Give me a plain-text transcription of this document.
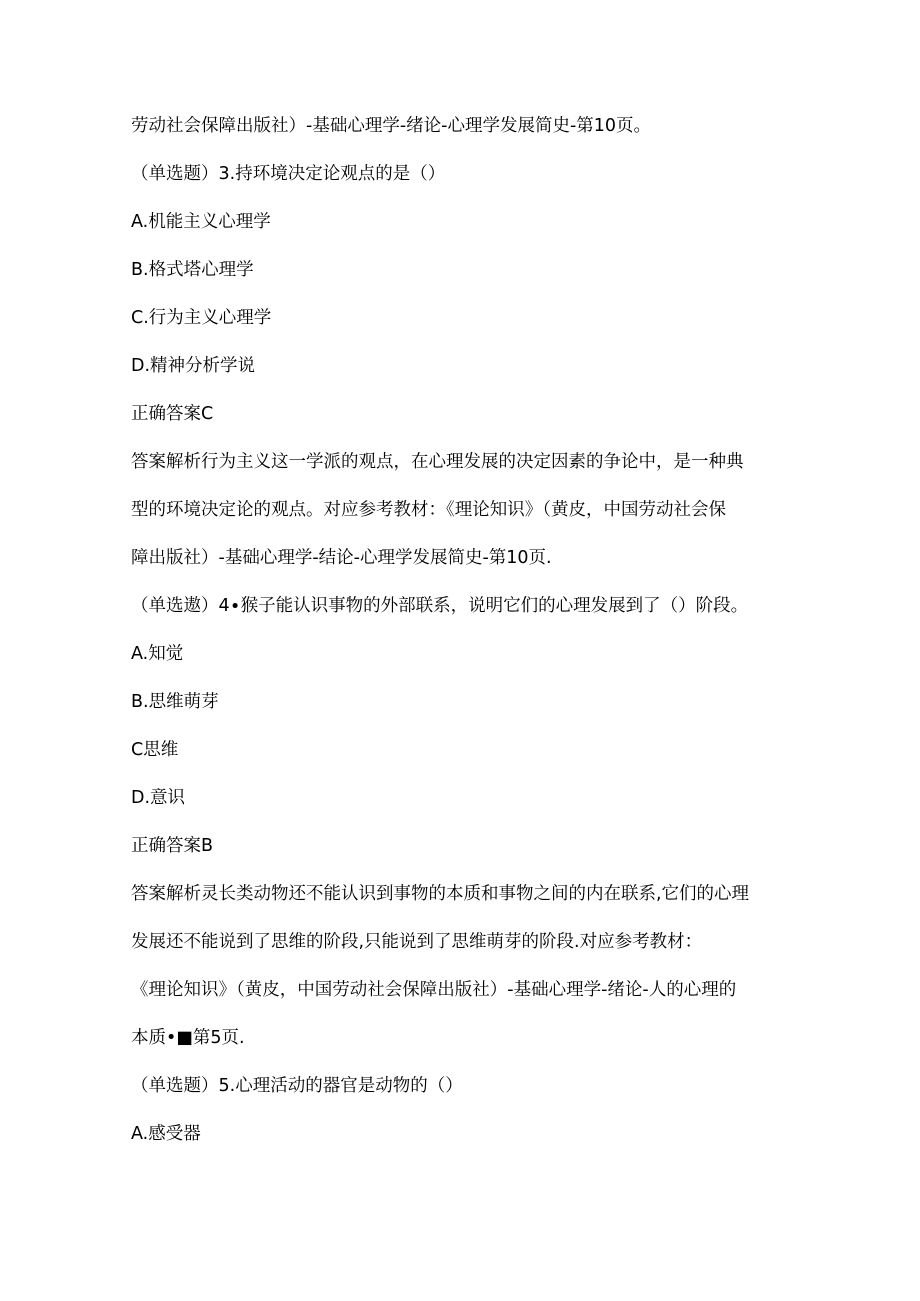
劳动社会保障出版社）-基础心理学-绪论-心理学发展简史-第10页。
（单选题）3.持环境决定论观点的是（）
A.机能主义心理学
B.格式塔心理学
C.行为主义心理学
D.精神分析学说
正确答案C
答案解析行为主义这一学派的观点，在心理发展的决定因素的争论中，是一种典
型的环境决定论的观点。对应参考教材：《理论知识》（黄皮，中国劳动社会保
障出版社）-基础心理学-结论-心理学发展简史-第10页.
（单选遨）4∙猴子能认识事物的外部联系，说明它们的心理发展到了（）阶段。
A.知觉
B.思维萌芽
C思维
D.意识
正确答案B
答案解析灵长类动物还不能认识到事物的本质和事物之间的内在联系,它们的心理
发展还不能说到了思维的阶段,只能说到了思维萌芽的阶段.对应参考教材：
《理论知识》（黄皮，中国劳动社会保障出版社）-基础心理学-绪论-人的心理的
本质•■第5页.
（单选题）5.心理活动的器官是动物的（）
A.感受器
